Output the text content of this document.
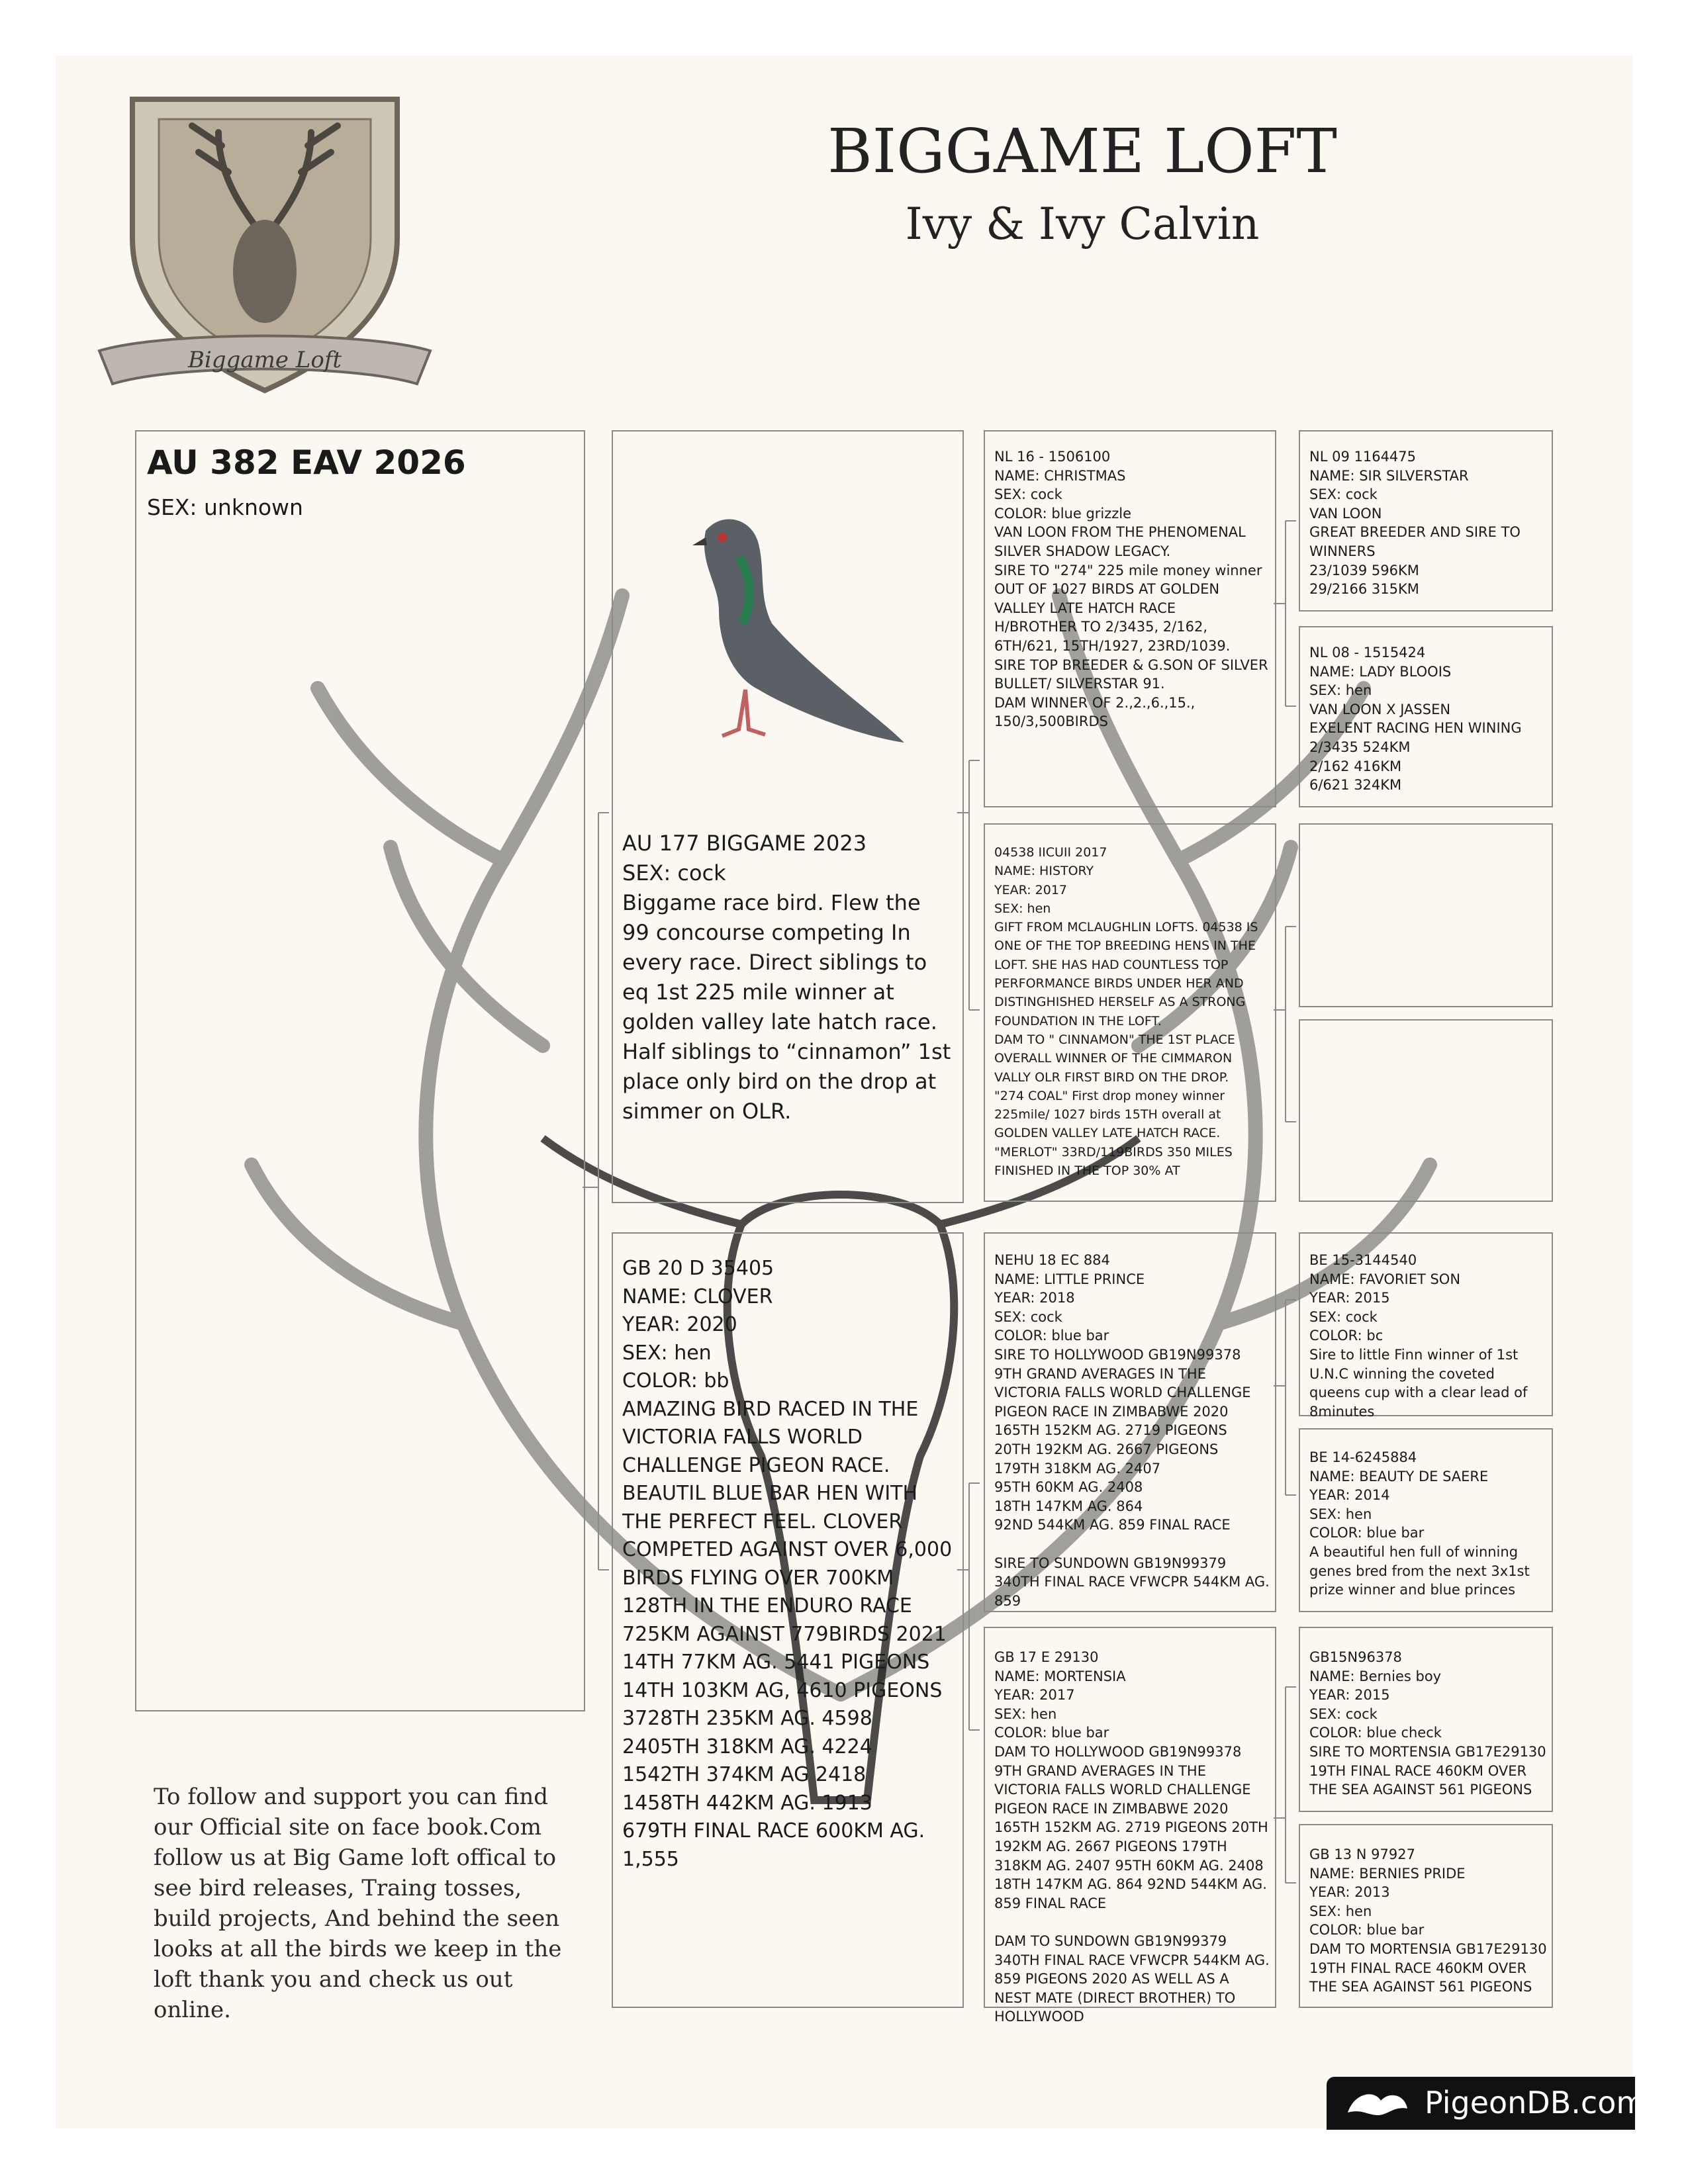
Biggame Loft
BIGGAME LOFT
Ivy & Ivy Calvin
AU 382 EAV 2026
SEX: unknown
AU 177 BIGGAME 2023
SEX: cock
Biggame race bird. Flew the 99 concourse competing In every race. Direct siblings to eq 1st 225 mile winner at golden valley late hatch race. Half siblings to “cinnamon” 1st place only bird on the drop at simmer on OLR.
GB 20 D 35405
NAME: CLOVER
YEAR: 2020
SEX: hen
COLOR: bb
AMAZING BIRD RACED IN THE VICTORIA FALLS WORLD CHALLENGE PIGEON RACE. BEAUTIL BLUE BAR HEN WITH THE PERFECT FEEL. CLOVER COMPETED AGAINST OVER 6,000 BIRDS FLYING OVER 700KM
128TH IN THE ENDURO RACE 725KM AGAINST 779BIRDS 2021
14TH 77KM AG. 5441 PIGEONS
14TH 103KM AG, 4610 PIGEONS
3728TH 235KM AG. 4598
2405TH 318KM AG. 4224
1542TH 374KM AG 2418
1458TH 442KM AG. 1913
679TH FINAL RACE 600KM AG. 1,555
NL 16 - 1506100
NAME: CHRISTMAS
SEX: cock
COLOR: blue grizzle
VAN LOON FROM THE PHENOMENAL SILVER SHADOW LEGACY.
SIRE TO "274" 225 mile money winner OUT OF 1027 BIRDS AT GOLDEN VALLEY LATE HATCH RACE
H/BROTHER TO 2/3435, 2/162, 6TH/621, 15TH/1927, 23RD/1039.
SIRE TOP BREEDER & G.SON OF SILVER BULLET/ SILVERSTAR 91.
DAM WINNER OF 2.,2.,6.,15., 150/3,500BIRDS
04538 IICUII 2017
NAME: HISTORY
YEAR: 2017
SEX: hen
GIFT FROM MCLAUGHLIN LOFTS. 04538 IS ONE OF THE TOP BREEDING HENS IN THE LOFT. SHE HAS HAD COUNTLESS TOP PERFORMANCE BIRDS UNDER HER AND DISTINGHISHED HERSELF AS A STRONG FOUNDATION IN THE LOFT.
DAM TO " CINNAMON" THE 1ST PLACE OVERALL WINNER OF THE CIMMARON VALLY OLR FIRST BIRD ON THE DROP.
"274 COAL" First drop money winner 225mile/ 1027 birds 15TH overall at GOLDEN VALLEY LATE HATCH RACE.
"MERLOT" 33RD/119BIRDS 350 MILES FINISHED IN THE TOP 30% AT
NEHU 18 EC 884
NAME: LITTLE PRINCE
YEAR: 2018
SEX: cock
COLOR: blue bar
SIRE TO HOLLYWOOD GB19N99378 9TH GRAND AVERAGES IN THE VICTORIA FALLS WORLD CHALLENGE PIGEON RACE IN ZIMBABWE 2020
165TH 152KM AG. 2719 PIGEONS
20TH 192KM AG. 2667 PIGEONS
179TH 318KM AG. 2407
95TH 60KM AG. 2408
18TH 147KM AG. 864
92ND 544KM AG. 859 FINAL RACE

SIRE TO SUNDOWN GB19N99379 340TH FINAL RACE VFWCPR 544KM AG. 859
GB 17 E 29130
NAME: MORTENSIA
YEAR: 2017
SEX: hen
COLOR: blue bar
DAM TO HOLLYWOOD GB19N99378 9TH GRAND AVERAGES IN THE VICTORIA FALLS WORLD CHALLENGE PIGEON RACE IN ZIMBABWE 2020 165TH 152KM AG. 2719 PIGEONS 20TH 192KM AG. 2667 PIGEONS 179TH 318KM AG. 2407 95TH 60KM AG. 2408 18TH 147KM AG. 864 92ND 544KM AG. 859 FINAL RACE

DAM TO SUNDOWN GB19N99379 340TH FINAL RACE VFWCPR 544KM AG. 859 PIGEONS 2020 AS WELL AS A NEST MATE (DIRECT BROTHER) TO HOLLYWOOD
NL 09 1164475
NAME: SIR SILVERSTAR
SEX: cock
VAN LOON
GREAT BREEDER AND SIRE TO WINNERS
23/1039 596KM
29/2166 315KM
NL 08 - 1515424
NAME: LADY BLOOIS
SEX: hen
VAN LOON X JASSEN
EXELENT RACING HEN WINING
2/3435 524KM
2/162 416KM
6/621 324KM
BE 15-3144540
NAME: FAVORIET SON
YEAR: 2015
SEX: cock
COLOR: bc
Sire to little Finn winner of 1st U.N.C winning the coveted queens cup with a clear lead of 8minutes
BE 14-6245884
NAME: BEAUTY DE SAERE
YEAR: 2014
SEX: hen
COLOR: blue bar
A beautiful hen full of winning genes bred from the next 3x1st prize winner and blue princes
GB15N96378
NAME: Bernies boy
YEAR: 2015
SEX: cock
COLOR: blue check
SIRE TO MORTENSIA GB17E29130 19TH FINAL RACE 460KM OVER THE SEA AGAINST 561 PIGEONS
GB 13 N 97927
NAME: BERNIES PRIDE
YEAR: 2013
SEX: hen
COLOR: blue bar
DAM TO MORTENSIA GB17E29130 19TH FINAL RACE 460KM OVER THE SEA AGAINST 561 PIGEONS
To follow and support you can find our Official site on face book.Com follow us at Big Game loft offical to see bird releases, Traing tosses, build projects, And behind the seen looks at all the birds we keep in the loft thank you and check us out online.
PigeonDB.com
